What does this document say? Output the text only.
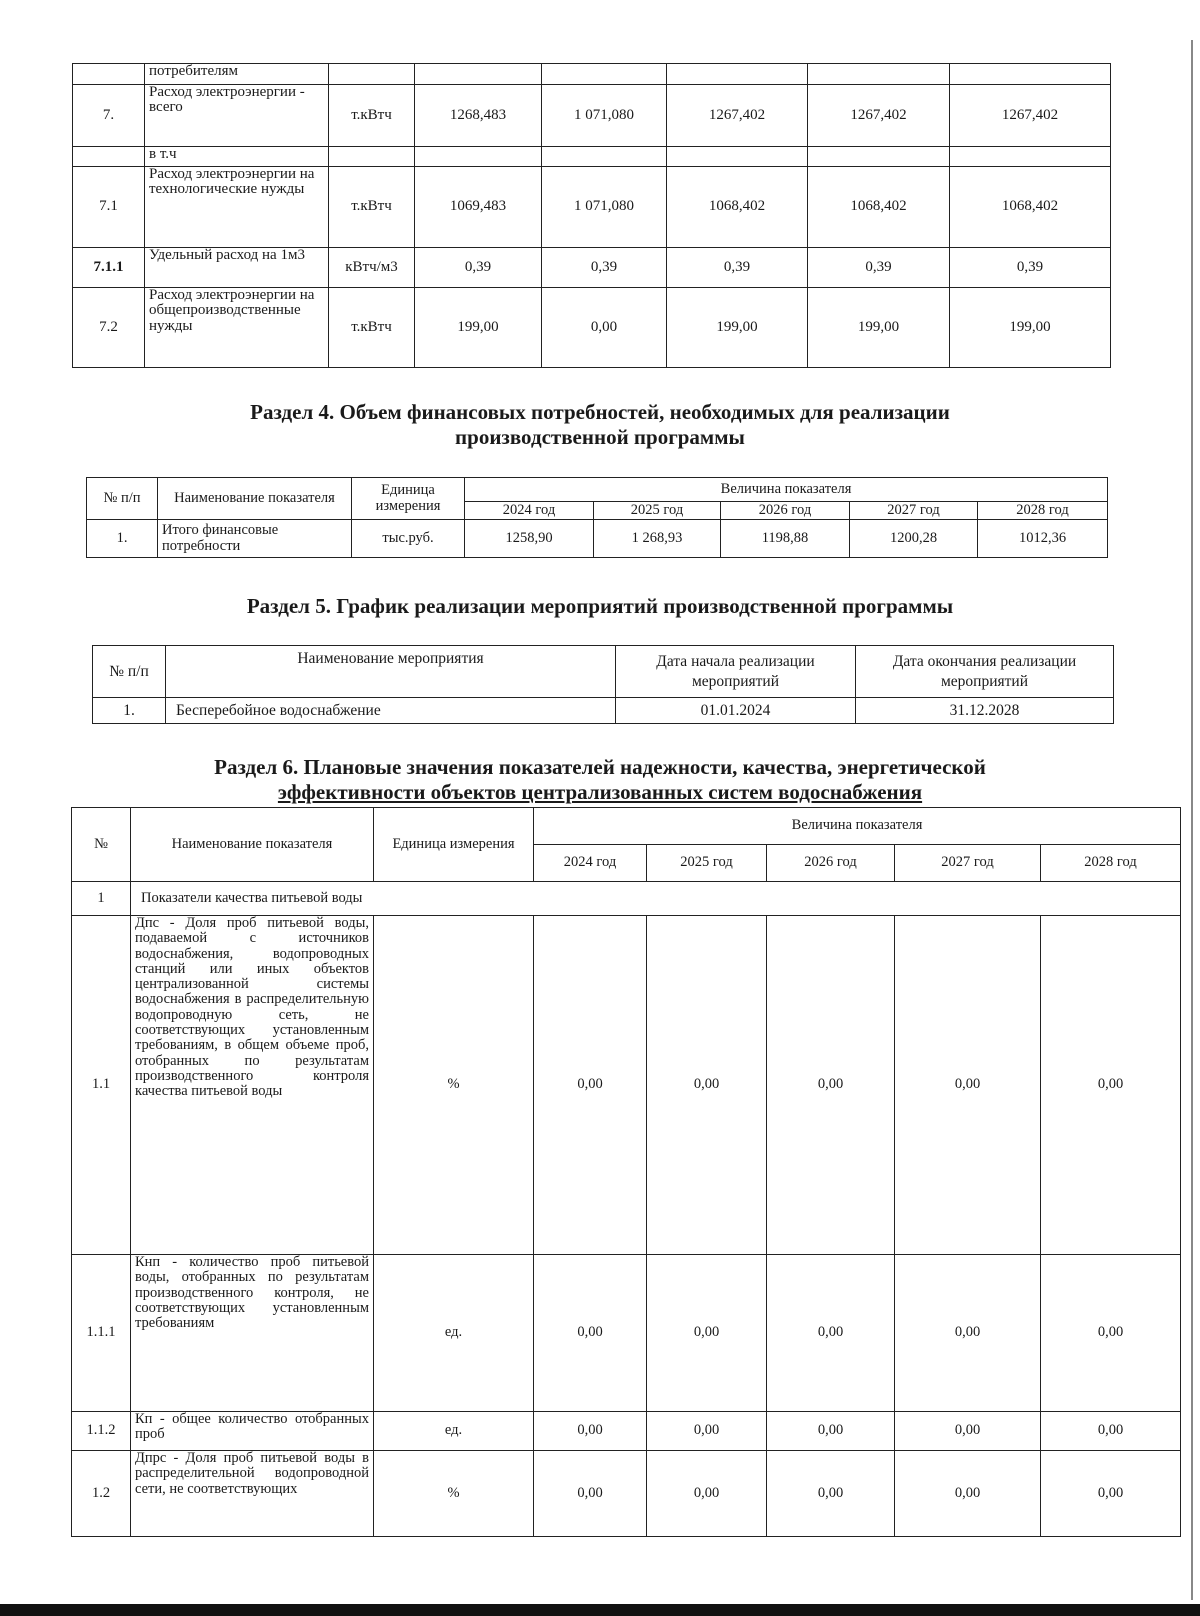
	потребителям						
7.	Расход электроэнергии - всего	т.кВтч	1268,483	1 071,080	1267,402	1267,402	1267,402
	в т.ч						
7.1	Расход электроэнергии на технологические нужды	т.кВтч	1069,483	1 071,080	1068,402	1068,402	1068,402
7.1.1	Удельный расход на 1м3	кВтч/м3	0,39	0,39	0,39	0,39	0,39
7.2	Расход электроэнергии на общепроизводственные нужды	т.кВтч	199,00	0,00	199,00	199,00	199,00
Раздел 4. Объем финансовых потребностей, необходимых для реализации
производственной программы
№ п/п	Наименование показателя	Единица измерения	Величина показателя				
			2024 год	2025 год	2026 год	2027 год	2028 год
1.	Итого финансовые потребности	тыс.руб.	1258,90	1 268,93	1198,88	1200,28	1012,36
Раздел 5. График реализации мероприятий производственной программы
№ п/п	Наименование мероприятия	Дата начала реализации мероприятий	Дата окончания реализации мероприятий
1.	Бесперебойное водоснабжение	01.01.2024	31.12.2028
Раздел 6. Плановые значения показателей надежности, качества, энергетической
эффективности объектов централизованных систем водоснабжения
№	Наименование показателя	Единица измерения	Величина показателя				
			2024 год	2025 год	2026 год	2027 год	2028 год
1	Показатели качества питьевой воды						
1.1	Дпс - Доля проб питьевой воды, подаваемой с источников водоснабжения, водопроводных станций или иных объектов централизованной системы водоснабжения в распределительную водопроводную сеть, не соответствующих установленным требованиям, в общем объеме проб, отобранных по результатам производственного контроля качества питьевой воды	%	0,00	0,00	0,00	0,00	0,00
1.1.1	Кнп - количество проб питьевой воды, отобранных по результатам производственного контроля, не соответствующих установленным требованиям	ед.	0,00	0,00	0,00	0,00	0,00
1.1.2	Кп - общее количество отобранных проб	ед.	0,00	0,00	0,00	0,00	0,00
1.2	Дпрс - Доля проб питьевой воды в распределительной водопроводной сети, не соответствующих	%	0,00	0,00	0,00	0,00	0,00
